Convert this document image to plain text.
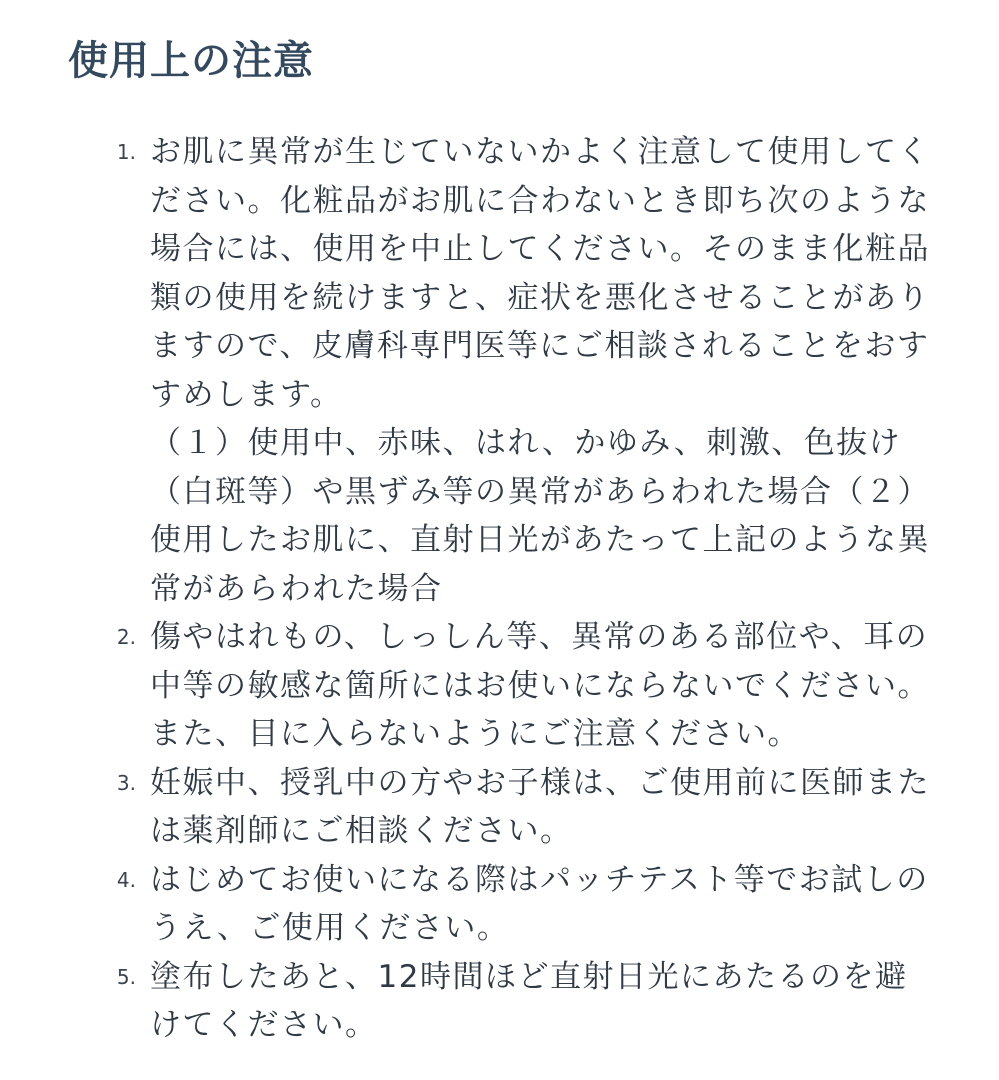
使用上の注意
1. お肌に異常が生じていないかよく注意して使用してください。化粧品がお肌に合わないとき即ち次のような場合には、使用を中止してください。そのまま化粧品類の使用を続けますと、症状を悪化させることがありますので、皮膚科専門医等にご相談されることをおすすめします。
（１）使用中、赤味、はれ、かゆみ、刺激、色抜け（白斑等）や黒ずみ等の異常があらわれた場合（２）使用したお肌に、直射日光があたって上記のような異常があらわれた場合
2. 傷やはれもの、しっしん等、異常のある部位や、耳の中等の敏感な箇所にはお使いにならないでください。また、目に入らないようにご注意ください。
3. 妊娠中、授乳中の方やお子様は、ご使用前に医師または薬剤師にご相談ください。
4. はじめてお使いになる際はパッチテスト等でお試しのうえ、ご使用ください。
5. 塗布したあと、12時間ほど直射日光にあたるのを避けてください。
